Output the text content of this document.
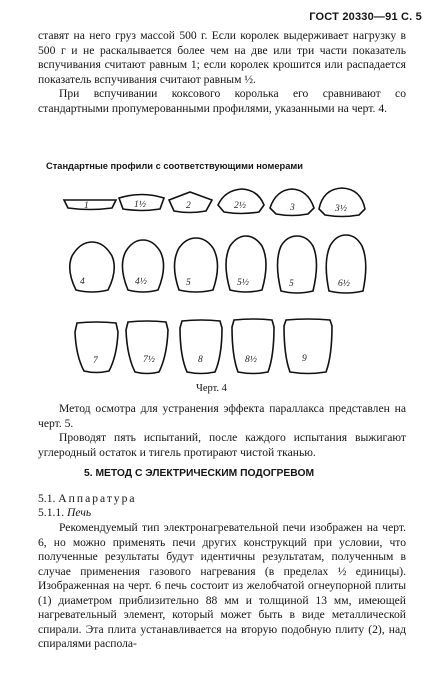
ГОСТ 20330—91 С. 5

ставят на него груз массой 500 г. Если королек выдерживает нагрузку в 500 г и не раскалывается более чем на две или три части показатель вспучивания считают равным 1; если королек крошится или распадается показатель вспучивания считают равным ½.

При вспучивании коксового королька его сравнивают со стандартными пропумерованными профилями, указанными на черт. 4.

Стандартные профили с соответствующими номерами
1	1½	2	2½	3	3½
4	4½	5	5½	5	6½
7	7½	8	8½	9
Черт. 4

Метод осмотра для устранения эффекта параллакса представлен на черт. 5.

Проводят пять испытаний, после каждого испытания выжигают углеродный остаток и тигель протирают чистой тканью.

5. МЕТОД С ЭЛЕКТРИЧЕСКИМ ПОДОГРЕВОМ
5.1. Аппаратура
5.1.1. Печь

Рекомендуемый тип электронагревательной печи изображен на черт. 6, но можно применять печи других конструкций при условии, что полученные результаты будут идентичны результатам, полученным в случае применения газового нагревания (в пределах ½ единицы). Изображенная на черт. 6 печь состоит из желобчатой огнеупорной плиты (1) диаметром приблизительно 88 мм и толщиной 13 мм, имеющей нагревательный элемент, который может быть в виде металлической спирали. Эта плита устанавливается на вторую подобную плиту (2), над спиралями распола-
